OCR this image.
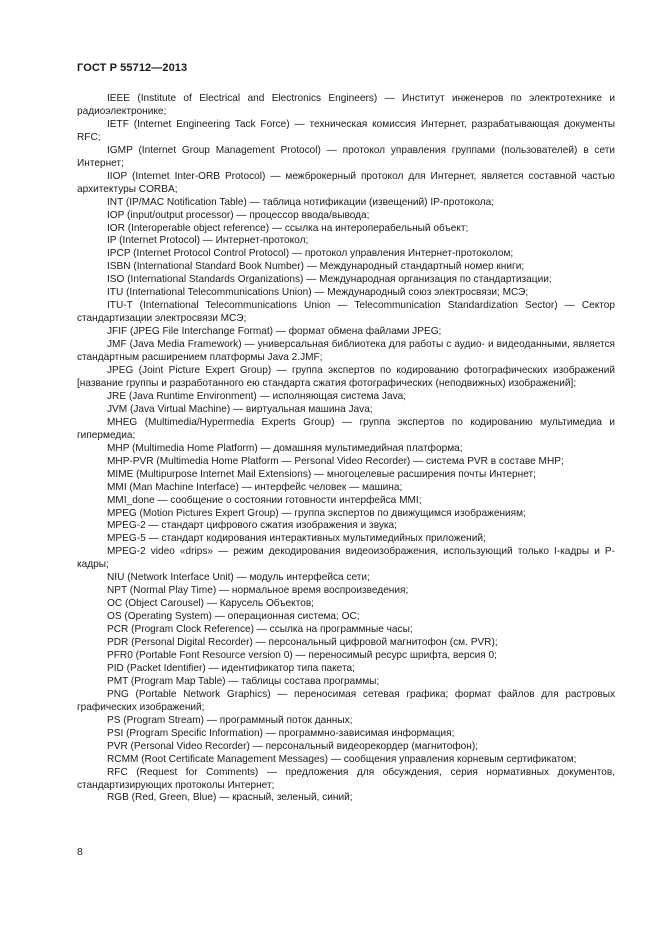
ГОСТ Р 55712—2013

IEEE (Institute of Electrical and Electronics Engineers) — Институт инженеров по электротехнике и радиоэлектронике;

IETF (Internet Engineering Tack Force) — техническая комиссия Интернет, разрабатывающая документы RFC;

IGMP (Internet Group Management Protocol) — протокол управления группами (пользователей) в сети Интернет;

IIOP (Internet Inter-ORB Protocol) — межброкерный протокол для Интернет, является составной частью архитектуры CORBA;

INT (IP/MAC Notification Table) — таблица нотификации (извещений) IP-протокола;

IOP (input/output processor) — процессор ввода/вывода;

IOR (Interoperable object reference) — ссылка на интероперабельный объект;

IP (Internet Protocol) — Интернет-протокол;

IPCP (Internet Protocol Control Protocol) — протокол управления Интернет-протоколом;

ISBN (International Standard Book Number) — Международный стандартный номер книги;

ISO (International Standards Organizations) — Международная организация по стандартизации;

ITU (International Telecommunications Union) — Международный союз электросвязи; МСЭ;

ITU-T (International Telecommunications Union — Telecommunication Standardization Sector) — Сектор стандартизации электросвязи МСЭ;

JFIF (JPEG File Interchange Format) — формат обмена файлами JPEG;

JMF (Java Media Framework) — универсальная библиотека для работы с аудио- и видеоданными, является стандартным расширением платформы Java 2.JMF;

JPEG (Joint Picture Expert Group) — группа экспертов по кодированию фотографических изображений [название группы и разработанного ею стандарта сжатия фотографических (неподвижных) изображений];

JRE (Java Runtime Environment) — исполняющая система Java;

JVM (Java Virtual Machine) — виртуальная машина Java;

MHEG (Multimedia/Hypermedia Experts Group) — группа экспертов по кодированию мультимедиа и гипермедиа;

MHP (Multimedia Home Platform) — домашняя мультимедийная платформа;

MHP-PVR (Multimedia Home Platform — Personal Video Recorder) — система PVR в составе MHP;

MIME (Multipurpose Internet Mail Extensions) — многоцелевые расширения почты Интернет;

MMI (Man Machine Interface) — интерфейс человек — машина;

MMI_done — сообщение о состоянии готовности интерфейса MMI;

MPEG (Motion Pictures Expert Group) — группа экспертов по движущимся изображениям;

MPEG-2 — стандарт цифрового сжатия изображения и звука;

MPEG-5 — стандарт кодирования интерактивных мультимедийных приложений;

MPEG-2 video «drips» — режим декодирования видеоизображения, использующий только I-кадры и P-кадры;

NIU (Network Interface Unit) — модуль интерфейса сети;

NPT (Normal Play Time) — нормальное время воспроизведения;

OC (Object Carousel) — Карусель Объектов;

OS (Operating System) — операционная система; OC;

PCR (Program Clock Reference) — ссылка на программные часы;

PDR (Personal Digital Recorder) — персональный цифровой магнитофон (см. PVR);

PFR0 (Portable Font Resource version 0) — переносимый ресурс шрифта, версия 0;

PID (Packet Identifier) — идентификатор типа пакета;

PMT (Program Map Table) — таблицы состава программы;

PNG (Portable Network Graphics) — переносимая сетевая графика; формат файлов для растровых графических изображений;

PS (Program Stream) — программный поток данных;

PSI (Program Specific Information) — программно-зависимая информация;

PVR (Personal Video Recorder) — персональный видеорекордер (магнитофон);

RCMM (Root Certificate Management Messages) — сообщения управления корневым сертификатом;

RFC (Request for Comments) — предложения для обсуждения, серия нормативных документов, стандартизирующих протоколы Интернет;

RGB (Red, Green, Blue) — красный, зеленый, синий;

8
